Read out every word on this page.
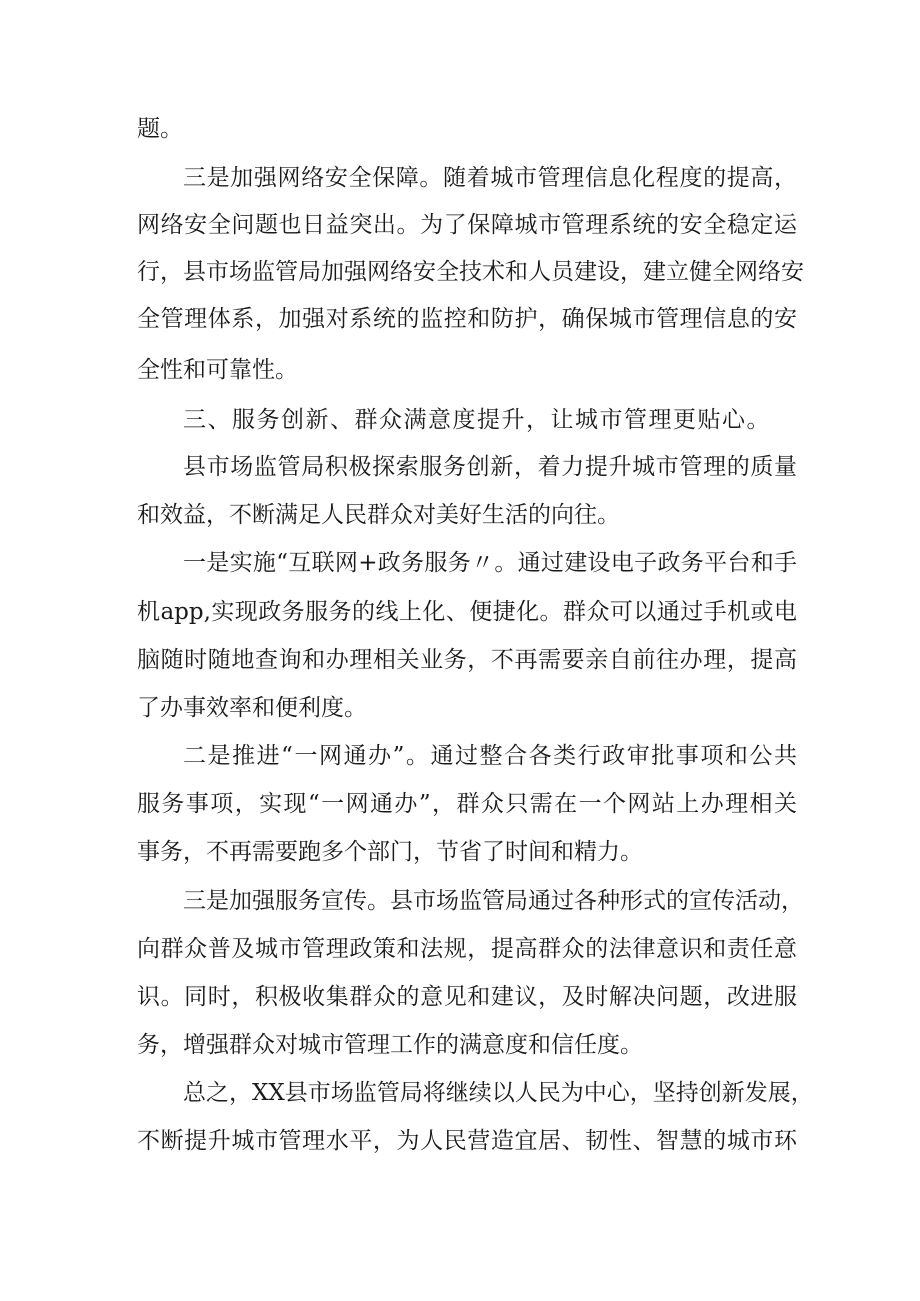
题。
三是加强网络安全保障。随着城市管理信息化程度的提高，
网络安全问题也日益突出。为了保障城市管理系统的安全稳定运
行，县市场监管局加强网络安全技术和人员建设，建立健全网络安
全管理体系，加强对系统的监控和防护，确保城市管理信息的安
全性和可靠性。
三、服务创新、群众满意度提升，让城市管理更贴心。
县市场监管局积极探索服务创新，着力提升城市管理的质量
和效益，不断满足人民群众对美好生活的向往。
一是实施“互联网+政务服务〃。通过建设电子政务平台和手
机app,实现政务服务的线上化、便捷化。群众可以通过手机或电
脑随时随地查询和办理相关业务，不再需要亲自前往办理，提高
了办事效率和便利度。
二是推进“一网通办”。通过整合各类行政审批事项和公共
服务事项，实现“一网通办”，群众只需在一个网站上办理相关
事务，不再需要跑多个部门，节省了时间和精力。
三是加强服务宣传。县市场监管局通过各种形式的宣传活动，
向群众普及城市管理政策和法规，提高群众的法律意识和责任意
识。同时，积极收集群众的意见和建议，及时解决问题，改进服
务，增强群众对城市管理工作的满意度和信任度。
总之，XX县市场监管局将继续以人民为中心，坚持创新发展，
不断提升城市管理水平，为人民营造宜居、韧性、智慧的城市环
